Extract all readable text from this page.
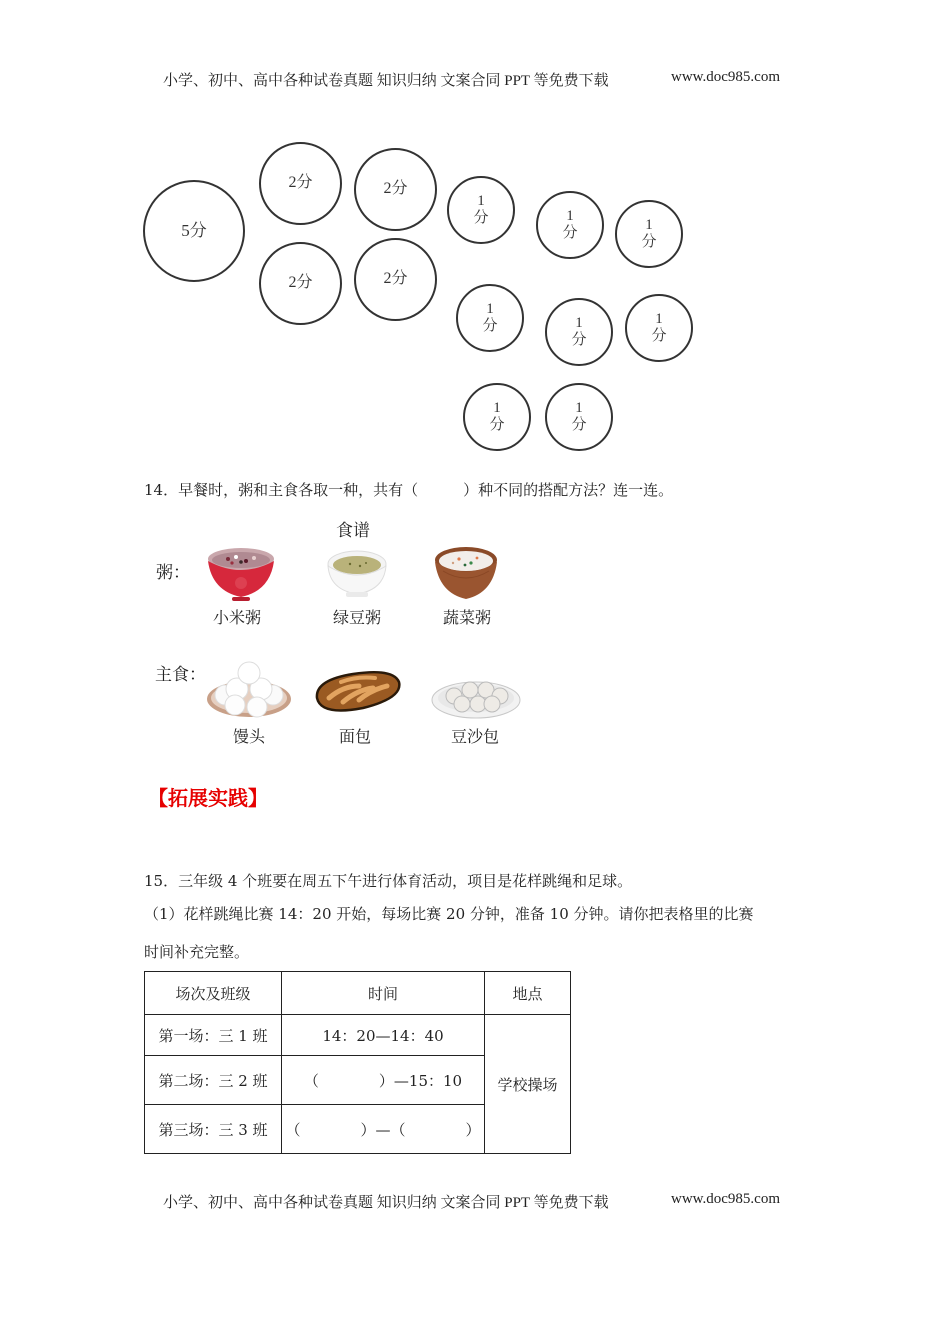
小学、初中、高中各种试卷真题 知识归纳 文案合同 PPT 等免费下载	www.doc985.com
5分
2分	2分
2分	2分
1
分	1
分
1
分
1
分	1
分
1
分
1
分
1
分
14．早餐时，粥和主食各取一种，共有（　　　）种不同的搭配方法？连一连。
食谱
粥：
小米粥	绿豆粥	蔬菜粥
主食：
馒头	面包	豆沙包
【拓展实践】
15．三年级 4 个班要在周五下午进行体育活动，项目是花样跳绳和足球。
（1）花样跳绳比赛 14：20 开始，每场比赛 20 分钟，准备 10 分钟。请你把表格里的比赛
时间补充完整。
场次及班级	时间	地点
第一场：三 1 班	14：20—14：40	学校操场
第二场：三 2 班	（　　　　）—15：10	
第三场：三 3 班	（　　　　）—（　　　　）	
小学、初中、高中各种试卷真题 知识归纳 文案合同 PPT 等免费下载	www.doc985.com
